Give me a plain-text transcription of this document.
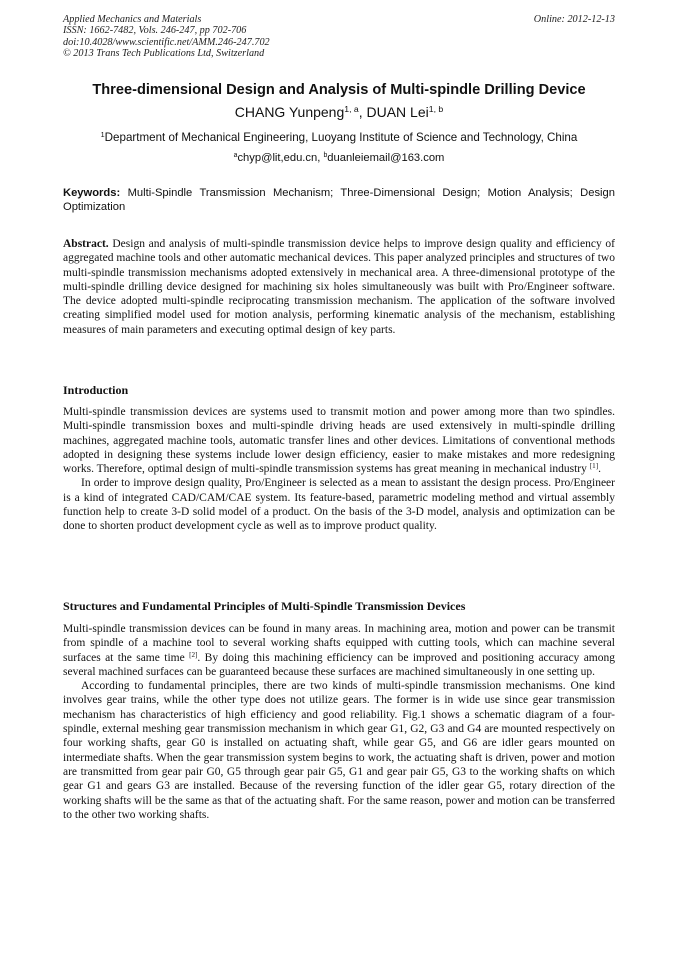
Applied Mechanics and Materials
ISSN: 1662-7482, Vols. 246-247, pp 702-706
doi:10.4028/www.scientific.net/AMM.246-247.702
© 2013 Trans Tech Publications Ltd, Switzerland
Online: 2012-12-13
Three-dimensional Design and Analysis of Multi-spindle Drilling Device
CHANG Yunpeng$^{1, a}$, DUAN Lei$^{1, b}$
$^1$Department of Mechanical Engineering, Luoyang Institute of Science and Technology, China
$^a$chyp@lit,edu.cn, $^b$duanleiemail@163.com
Keywords: Multi-Spindle Transmission Mechanism; Three-Dimensional Design; Motion Analysis; Design Optimization

Abstract. Design and analysis of multi-spindle transmission device helps to improve design quality and efficiency of aggregated machine tools and other automatic mechanical devices. This paper analyzed principles and structures of two multi-spindle transmission mechanisms adopted extensively in mechanical area. A three-dimensional prototype of the multi-spindle drilling device designed for machining six holes simultaneously was built with Pro/Engineer software. The device adopted multi-spindle reciprocating transmission mechanism. The application of the software involved creating simplified model used for motion analysis, performing kinematic analysis of the mechanism, establishing measures of main parameters and executing optimal design of key parts.

Introduction

Multi-spindle transmission devices are systems used to transmit motion and power among more than two spindles. Multi-spindle transmission boxes and multi-spindle driving heads are used extensively in multi-spindle drilling machines, aggregated machine tools, automatic transfer lines and other devices. Limitations of conventional methods adopted in designing these systems include lower design efficiency, easier to make mistakes and more redesigning works. Therefore, optimal design of multi-spindle transmission systems has great meaning in mechanical industry [1].

In order to improve design quality, Pro/Engineer is selected as a mean to assistant the design process. Pro/Engineer is a kind of integrated CAD/CAM/CAE system. Its feature-based, parametric modeling method and virtual assembly function help to create 3-D solid model of a product. On the basis of the 3-D model, analysis and optimization can be done to shorten product development cycle as well as to improve product quality.

Structures and Fundamental Principles of Multi-Spindle Transmission Devices

Multi-spindle transmission devices can be found in many areas. In machining area, motion and power can be transmit from spindle of a machine tool to several working shafts equipped with cutting tools, which can machine several surfaces at the same time [2]. By doing this machining efficiency can be improved and positioning accuracy among several machined surfaces can be guaranteed because these surfaces are machined simultaneously in one setting up.

According to fundamental principles, there are two kinds of multi-spindle transmission mechanisms. One kind involves gear trains, while the other type does not utilize gears. The former is in wide use since gear transmission mechanism has characteristics of high efficiency and good reliability. Fig.1 shows a schematic diagram of a four-spindle, external meshing gear transmission mechanism in which gear G1, G2, G3 and G4 are mounted respectively on four working shafts, gear G0 is installed on actuating shaft, while gear G5, and G6 are idler gears mounted on intermediate shafts. When the gear transmission system begins to work, the actuating shaft is driven, power and motion are transmitted from gear pair G0, G5 through gear pair G5, G1 and gear pair G5, G3 to the working shafts on which gear G1 and gears G3 are installed. Because of the reversing function of the idler gear G5, rotary direction of the working shafts will be the same as that of the actuating shaft. For the same reason, power and motion can be transferred to the other two working shafts.
